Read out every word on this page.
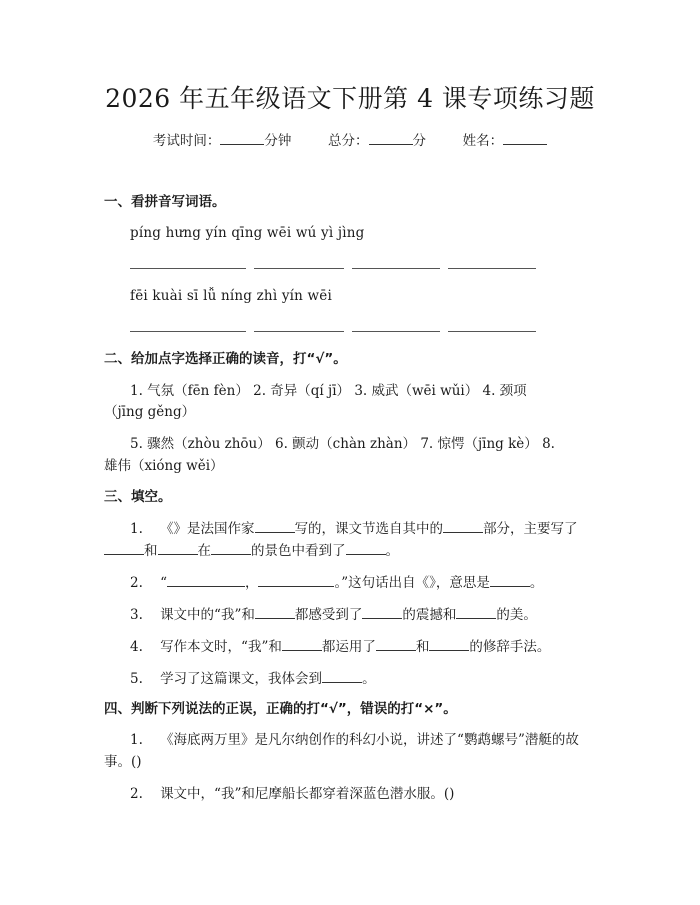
2026 年五年级语文下册第 4 课专项练习题
考试时间：	分钟	总分：	分	姓名：
一、看拼音写词语。
píng hưng yín qīng wēi wú yì jìng
fēi kuài sī lǚ níng zhì yín wēi
二、给加点字选择正确的读音，打“√”。
1. 气氛（fēn fèn） 2. 奇异（qí jī） 3. 威武（wēi wǔi） 4. 颈项
（jīng gěng）
5. 骤然（zhòu zhōu） 6. 颤动（chàn zhàn） 7. 惊愕（jīng kè） 8.
雄伟（xióng wěi）
三、填空。
1. 《》是法国作家	写的，课文节选自其中的	部分，主要写了
和	在	的景色中看到了	。
2. “	，	。”这句话出自《》，意思是	。
3. 课文中的“我”和	都感受到了	的震撼和	的美。
4. 写作本文时，“我”和	都运用了	和	的修辞手法。
5. 学习了这篇课文，我体会到	。
四、判断下列说法的正误，正确的打“√”，错误的打“×”。
1. 《海底两万里》是凡尔纳创作的科幻小说，讲述了“鹦鹉螺号”潜艇的故
事。()
2. 课文中，“我”和尼摩船长都穿着深蓝色潜水服。()
